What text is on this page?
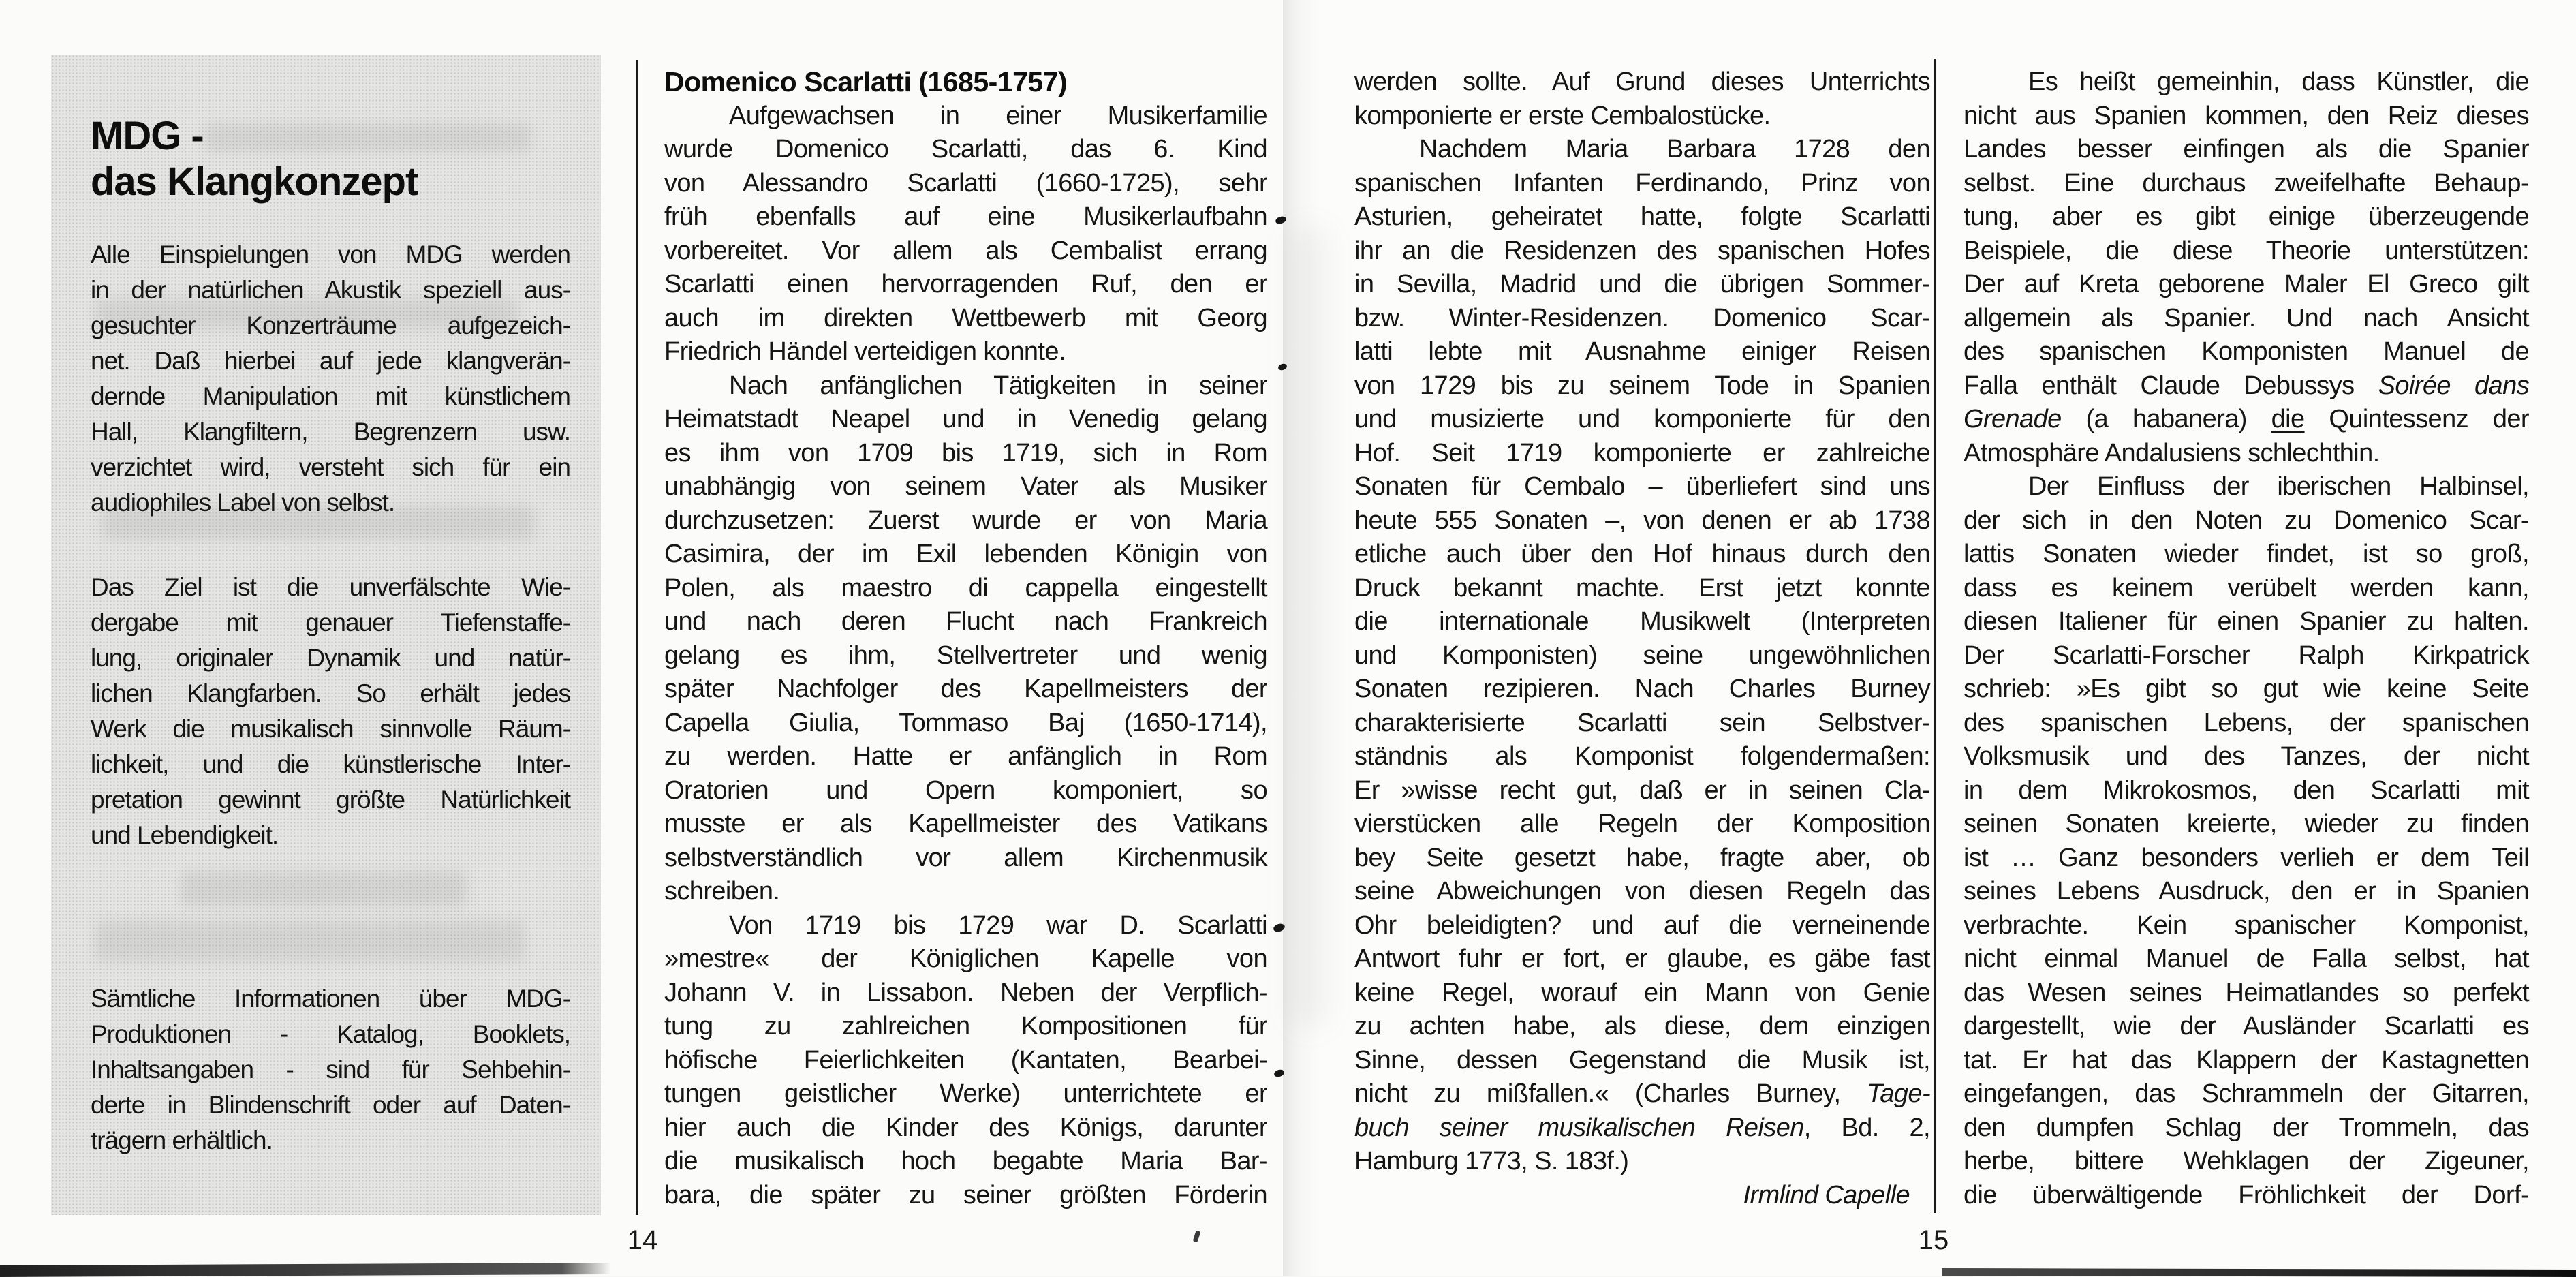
MDG -
das Klangkonzept
Alle Einspielungen von MDG werden
in der natürlichen Akustik speziell aus-
gesuchter Konzerträume aufgezeich-
net. Daß hierbei auf jede klangverän-
dernde Manipulation mit künstlichem
Hall, Klangfiltern, Begrenzern usw.
verzichtet wird, versteht sich für ein
audiophiles Label von selbst.
Das Ziel ist die unverfälschte Wie-
dergabe mit genauer Tiefenstaffe-
lung, originaler Dynamik und natür-
lichen Klangfarben. So erhält jedes
Werk die musikalisch sinnvolle Räum-
lichkeit, und die künstlerische Inter-
pretation gewinnt größte Natürlichkeit
und Lebendigkeit.
Sämtliche Informationen über MDG-
Produktionen - Katalog, Booklets,
Inhaltsangaben - sind für Sehbehin-
derte in Blindenschrift oder auf Daten-
trägern erhältlich.
Domenico Scarlatti (1685-1757)
Aufgewachsen in einer Musikerfamilie
wurde Domenico Scarlatti, das 6. Kind
von Alessandro Scarlatti (1660-1725), sehr
früh ebenfalls auf eine Musikerlaufbahn
vorbereitet. Vor allem als Cembalist errang
Scarlatti einen hervorragenden Ruf, den er
auch im direkten Wettbewerb mit Georg
Friedrich Händel verteidigen konnte.
Nach anfänglichen Tätigkeiten in seiner
Heimatstadt Neapel und in Venedig gelang
es ihm von 1709 bis 1719, sich in Rom
unabhängig von seinem Vater als Musiker
durchzusetzen: Zuerst wurde er von Maria
Casimira, der im Exil lebenden Königin von
Polen, als maestro di cappella eingestellt
und nach deren Flucht nach Frankreich
gelang es ihm, Stellvertreter und wenig
später Nachfolger des Kapellmeisters der
Capella Giulia, Tommaso Baj (1650-1714),
zu werden. Hatte er anfänglich in Rom
Oratorien und Opern komponiert, so
musste er als Kapellmeister des Vatikans
selbstverständlich vor allem Kirchenmusik
schreiben.
Von 1719 bis 1729 war D. Scarlatti
»mestre« der Königlichen Kapelle von
Johann V. in Lissabon. Neben der Verpflich-
tung zu zahlreichen Kompositionen für
höfische Feierlichkeiten (Kantaten, Bearbei-
tungen geistlicher Werke) unterrichtete er
hier auch die Kinder des Königs, darunter
die musikalisch hoch begabte Maria Bar-
bara, die später zu seiner größten Förderin
14
werden sollte. Auf Grund dieses Unterrichts
komponierte er erste Cembalostücke.
Nachdem Maria Barbara 1728 den
spanischen Infanten Ferdinando, Prinz von
Asturien, geheiratet hatte, folgte Scarlatti
ihr an die Residenzen des spanischen Hofes
in Sevilla, Madrid und die übrigen Sommer-
bzw. Winter-Residenzen. Domenico Scar-
latti lebte mit Ausnahme einiger Reisen
von 1729 bis zu seinem Tode in Spanien
und musizierte und komponierte für den
Hof. Seit 1719 komponierte er zahlreiche
Sonaten für Cembalo – überliefert sind uns
heute 555 Sonaten –, von denen er ab 1738
etliche auch über den Hof hinaus durch den
Druck bekannt machte. Erst jetzt konnte
die internationale Musikwelt (Interpreten
und Komponisten) seine ungewöhnlichen
Sonaten rezipieren. Nach Charles Burney
charakterisierte Scarlatti sein Selbstver-
ständnis als Komponist folgendermaßen:
Er »wisse recht gut, daß er in seinen Cla-
vierstücken alle Regeln der Komposition
bey Seite gesetzt habe, fragte aber, ob
seine Abweichungen von diesen Regeln das
Ohr beleidigten? und auf die verneinende
Antwort fuhr er fort, er glaube, es gäbe fast
keine Regel, worauf ein Mann von Genie
zu achten habe, als diese, dem einzigen
Sinne, dessen Gegenstand die Musik ist,
nicht zu mißfallen.« (Charles Burney, Tage-
buch seiner musikalischen Reisen, Bd. 2,
Hamburg 1773, S. 183f.)
Irmlind Capelle
Es heißt gemeinhin, dass Künstler, die
nicht aus Spanien kommen, den Reiz dieses
Landes besser einfingen als die Spanier
selbst. Eine durchaus zweifelhafte Behaup-
tung, aber es gibt einige überzeugende
Beispiele, die diese Theorie unterstützen:
Der auf Kreta geborene Maler El Greco gilt
allgemein als Spanier. Und nach Ansicht
des spanischen Komponisten Manuel de
Falla enthält Claude Debussys Soirée dans
Grenade (a habanera) die Quintessenz der
Atmosphäre Andalusiens schlechthin.
Der Einfluss der iberischen Halbinsel,
der sich in den Noten zu Domenico Scar-
lattis Sonaten wieder findet, ist so groß,
dass es keinem verübelt werden kann,
diesen Italiener für einen Spanier zu halten.
Der Scarlatti-Forscher Ralph Kirkpatrick
schrieb: »Es gibt so gut wie keine Seite
des spanischen Lebens, der spanischen
Volksmusik und des Tanzes, der nicht
in dem Mikrokosmos, den Scarlatti mit
seinen Sonaten kreierte, wieder zu finden
ist … Ganz besonders verlieh er dem Teil
seines Lebens Ausdruck, den er in Spanien
verbrachte. Kein spanischer Komponist,
nicht einmal Manuel de Falla selbst, hat
das Wesen seines Heimatlandes so perfekt
dargestellt, wie der Ausländer Scarlatti es
tat. Er hat das Klappern der Kastagnetten
eingefangen, das Schrammeln der Gitarren,
den dumpfen Schlag der Trommeln, das
herbe, bittere Wehklagen der Zigeuner,
die überwältigende Fröhlichkeit der Dorf-
15
